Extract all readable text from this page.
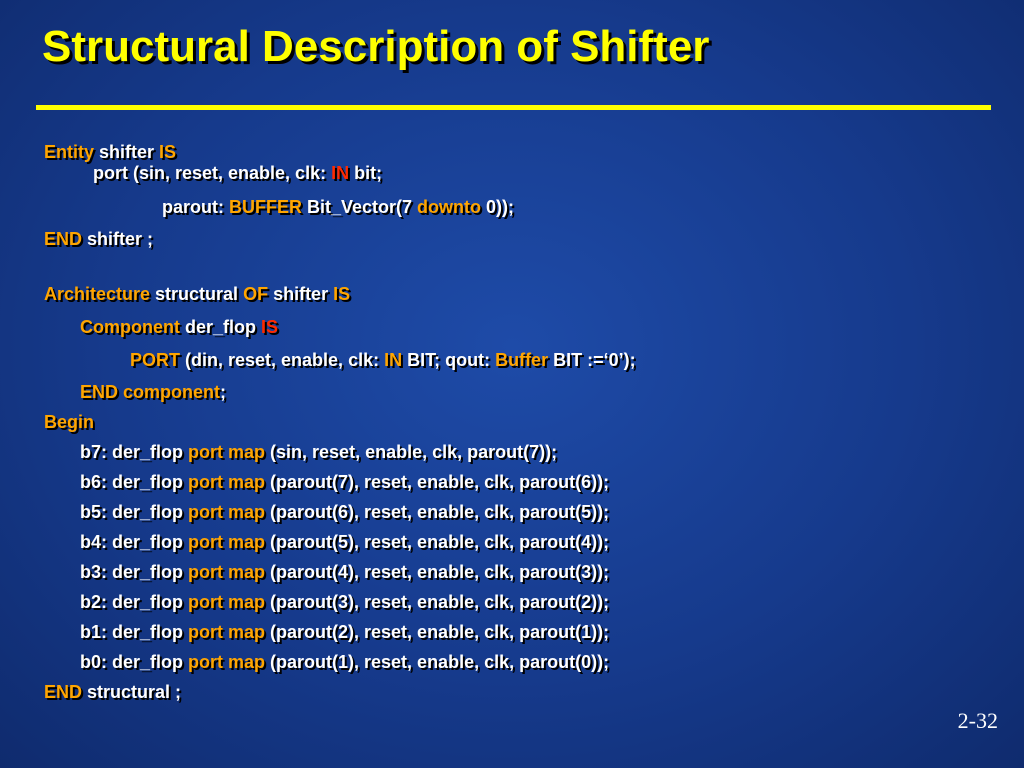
Structural Description of Shifter
Entity shifter IS
port (sin, reset, enable, clk: IN bit;
parout: BUFFER Bit_Vector(7 downto 0));
END shifter ;
Architecture structural OF shifter IS
Component der_flop IS
PORT (din, reset, enable, clk: IN BIT; qout: Buffer BIT :=‘0’);
END component;
Begin
b7: der_flop port map (sin, reset, enable, clk, parout(7));
b6: der_flop port map (parout(7), reset, enable, clk, parout(6));
b5: der_flop port map (parout(6), reset, enable, clk, parout(5));
b4: der_flop port map (parout(5), reset, enable, clk, parout(4));
b3: der_flop port map (parout(4), reset, enable, clk, parout(3));
b2: der_flop port map (parout(3), reset, enable, clk, parout(2));
b1: der_flop port map (parout(2), reset, enable, clk, parout(1));
b0: der_flop port map (parout(1), reset, enable, clk, parout(0));
END structural ;
2-32
